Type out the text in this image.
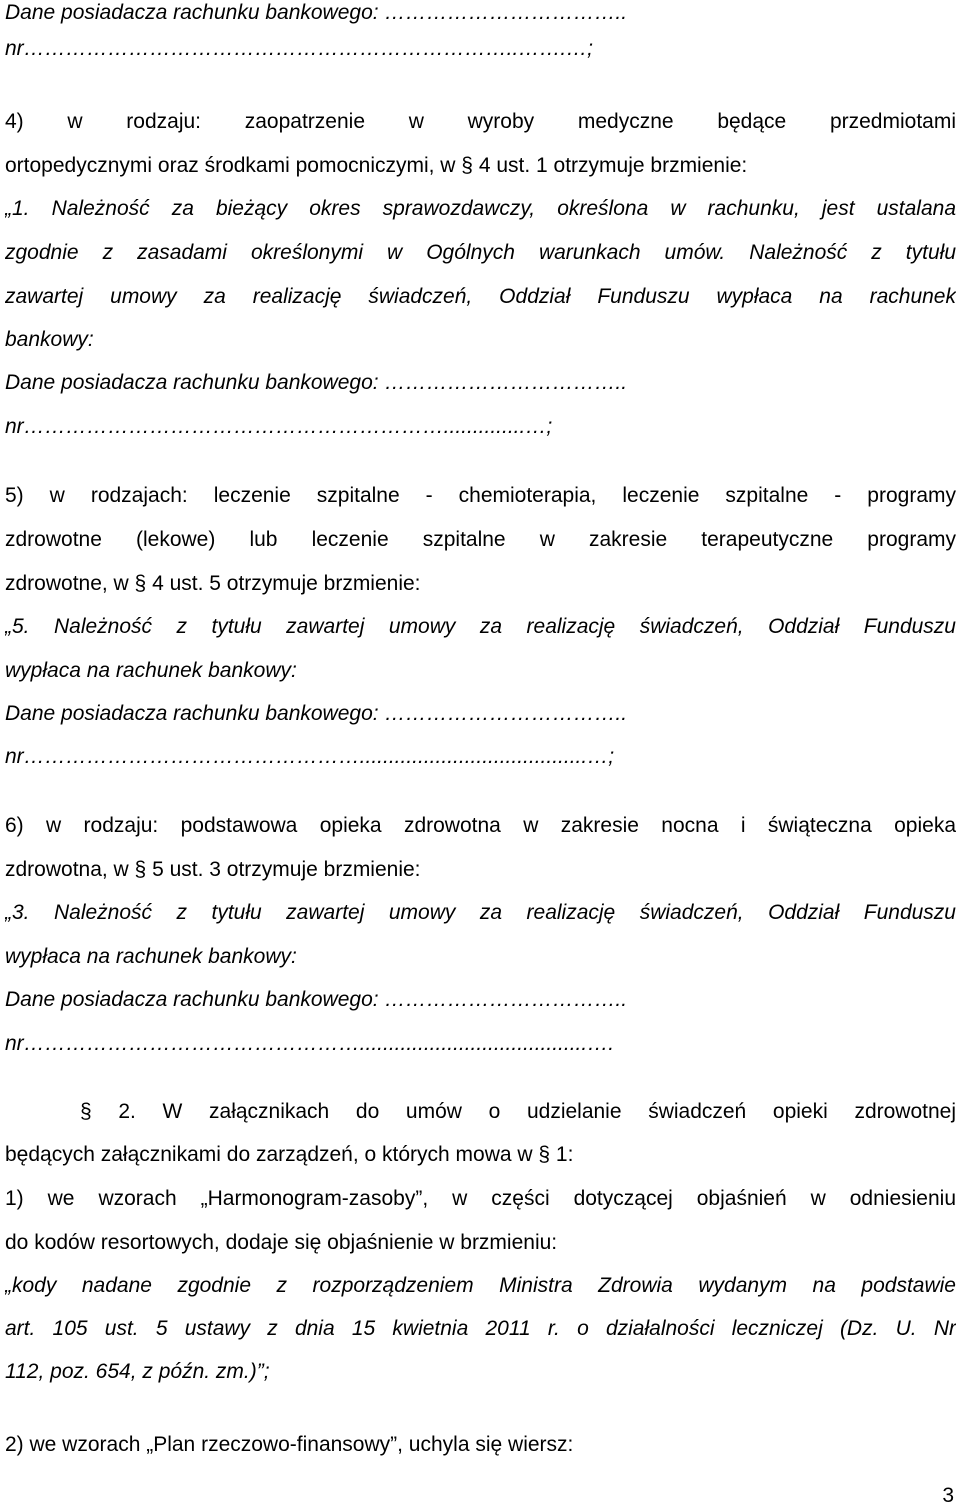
3
Dane posiadacza rachunku bankowego: ……………………………..
nr……………………………………………………………..…….…;
4) w rodzaju: zaopatrzenie w wyroby medyczne będące przedmiotami
ortopedycznymi oraz środkami pomocniczymi, w § 4 ust. 1 otrzymuje brzmienie:
„1. Należność za bieżący okres sprawozdawczy, określona w rachunku, jest ustalana
zgodnie z zasadami określonymi w Ogólnych warunkach umów. Należność z tytułu
zawartej umowy za realizację świadczeń, Oddział Funduszu wypłaca na rachunek
bankowy:
Dane posiadacza rachunku bankowego: ……………………………..
nr……………………………………………………..............…;
5) w rodzajach: leczenie szpitalne - chemioterapia, leczenie szpitalne - programy
zdrowotne (lekowe) lub leczenie szpitalne w zakresie terapeutyczne programy
zdrowotne, w § 4 ust. 5 otrzymuje brzmienie:
„5. Należność z tytułu zawartej umowy za realizację świadczeń, Oddział Funduszu
wypłaca na rachunek bankowy:
Dane posiadacza rachunku bankowego: ……………………………..
nr………………………………………….......................................…;
6) w rodzaju: podstawowa opieka zdrowotna w zakresie nocna i świąteczna opieka
zdrowotna, w § 5 ust. 3 otrzymuje brzmienie:
„3. Należność z tytułu zawartej umowy za realizację świadczeń, Oddział Funduszu
wypłaca na rachunek bankowy:
Dane posiadacza rachunku bankowego: ……………………………..
nr………………………………………….......................................….
§ 2. W załącznikach do umów o udzielanie świadczeń opieki zdrowotnej
będących załącznikami do zarządzeń, o których mowa w § 1:
1) we wzorach „Harmonogram-zasoby”, w części dotyczącej objaśnień w odniesieniu
do kodów resortowych, dodaje się objaśnienie w brzmieniu:
„kody nadane zgodnie z rozporządzeniem Ministra Zdrowia wydanym na podstawie
art. 105 ust. 5 ustawy z dnia 15 kwietnia 2011 r. o działalności leczniczej (Dz. U. Nr
112, poz. 654, z późn. zm.)”;
2) we wzorach „Plan rzeczowo-finansowy”, uchyla się wiersz:
